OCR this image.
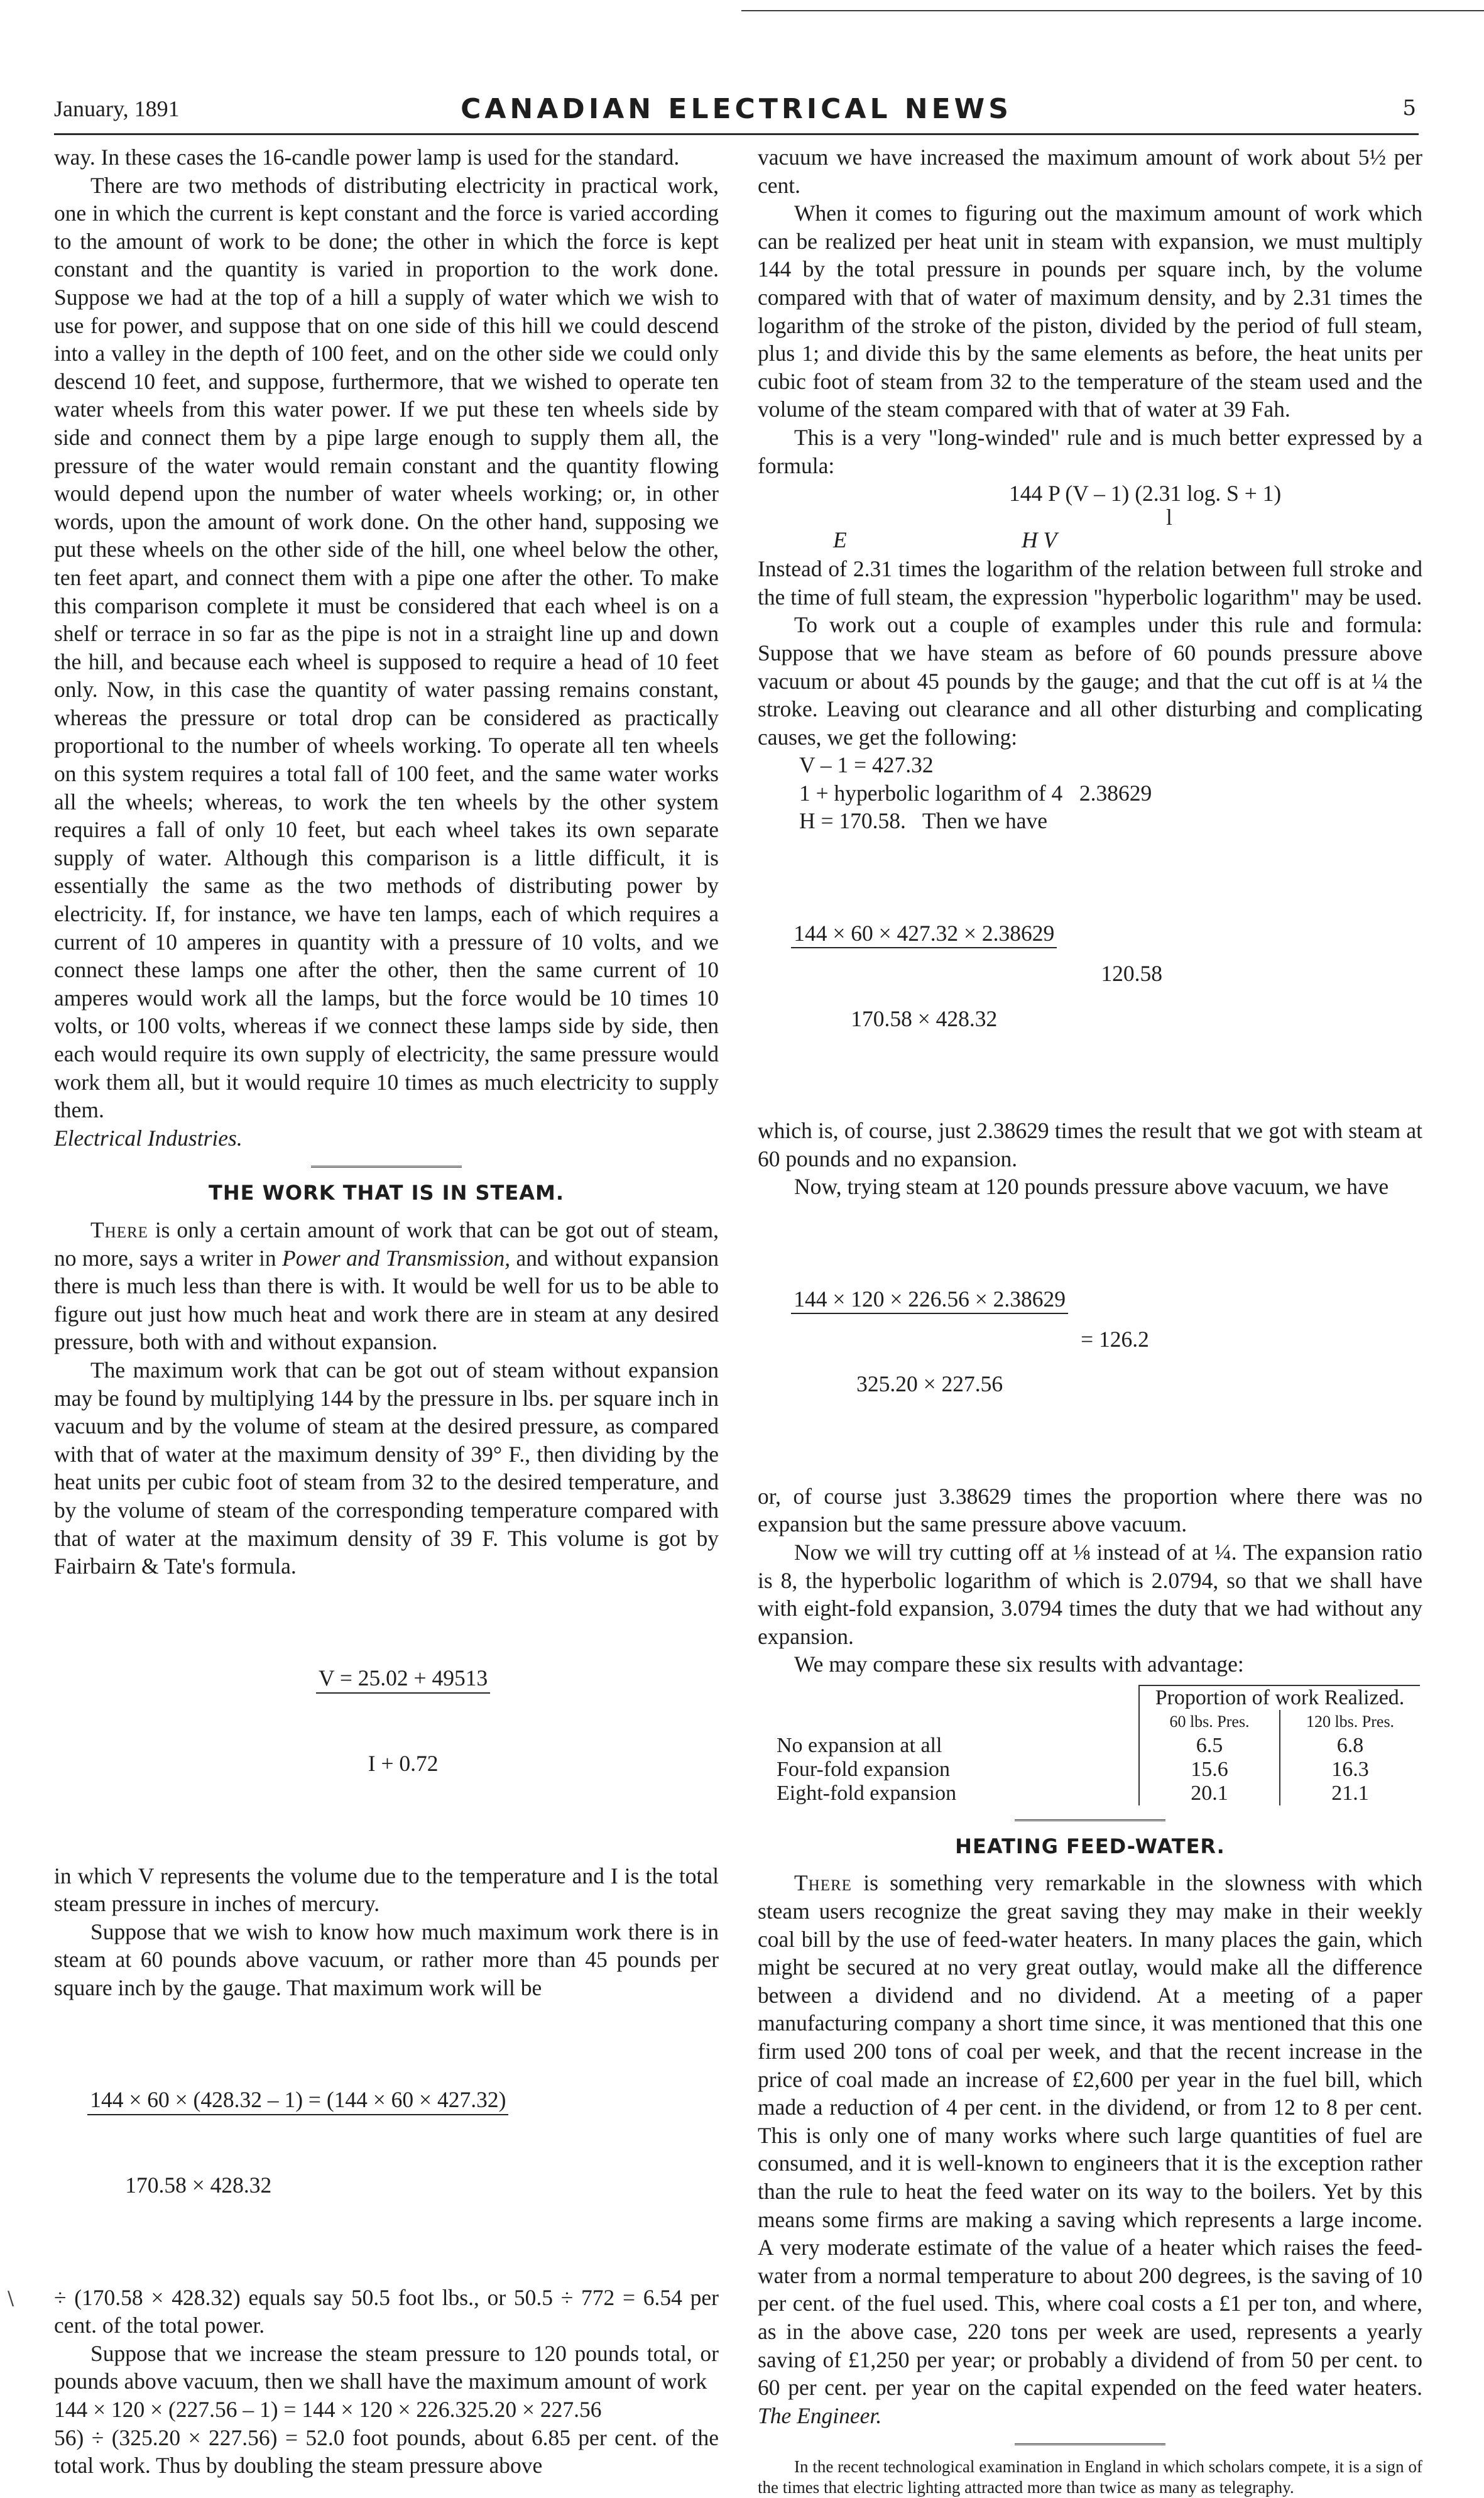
January, 1891	CANADIAN ELECTRICAL NEWS	5

way. In these cases the 16-candle power lamp is used for the standard.

There are two methods of distributing electricity in practical work, one in which the current is kept constant and the force is varied according to the amount of work to be done; the other in which the force is kept constant and the quantity is varied in proportion to the work done. Suppose we had at the top of a hill a supply of water which we wish to use for power, and suppose that on one side of this hill we could descend into a valley in the depth of 100 feet, and on the other side we could only descend 10 feet, and suppose, furthermore, that we wished to operate ten water wheels from this water power. If we put these ten wheels side by side and connect them by a pipe large enough to supply them all, the pressure of the water would remain constant and the quantity flowing would depend upon the number of water wheels working; or, in other words, upon the amount of work done. On the other hand, supposing we put these wheels on the other side of the hill, one wheel below the other, ten feet apart, and connect them with a pipe one after the other. To make this comparison complete it must be considered that each wheel is on a shelf or terrace in so far as the pipe is not in a straight line up and down the hill, and because each wheel is supposed to require a head of 10 feet only. Now, in this case the quantity of water passing remains constant, whereas the pressure or total drop can be considered as practically proportional to the number of wheels working. To operate all ten wheels on this system requires a total fall of 100 feet, and the same water works all the wheels; whereas, to work the ten wheels by the other system requires a fall of only 10 feet, but each wheel takes its own separate supply of water. Although this comparison is a little difficult, it is essentially the same as the two methods of distributing power by electricity. If, for instance, we have ten lamps, each of which requires a current of 10 amperes in quantity with a pressure of 10 volts, and we connect these lamps one after the other, then the same current of 10 amperes would work all the lamps, but the force would be 10 times 10 volts, or 100 volts, whereas if we connect these lamps side by side, then each would require its own supply of electricity, the same pressure would work them all, but it would require 10 times as much electricity to supply them.
Electrical Industries.

THE WORK THAT IS IN STEAM.

There is only a certain amount of work that can be got out of steam, no more, says a writer in Power and Transmission, and without expansion there is much less than there is with. It would be well for us to be able to figure out just how much heat and work there are in steam at any desired pressure, both with and without expansion.

The maximum work that can be got out of steam without expansion may be found by multiplying 144 by the pressure in lbs. per square inch in vacuum and by the volume of steam at the desired pressure, as compared with that of water at the maximum density of 39° F., then dividing by the heat units per cubic foot of steam from 32 to the desired temperature, and by the volume of steam of the corresponding temperature compared with that of water at the maximum density of 39 F. This volume is got by Fairbairn & Tate's formula.

$\frac{V = 25.02 + 49513}{I + 0.72}$

in which V represents the volume due to the temperature and I is the total steam pressure in inches of mercury.

Suppose that we wish to know how much maximum work there is in steam at 60 pounds above vacuum, or rather more than 45 pounds per square inch by the gauge. That maximum work will be

$\frac{144 \times 60 \times (428.32 - 1) = (144 \times 60 \times 427.32)}{170.58 \times 428.32}$

÷ (170.58 × 428.32) equals say 50.5 foot lbs., or 50.5 ÷ 772 = 6.54 per cent. of the total power.

Suppose that we increase the steam pressure to 120 pounds total, or pounds above vacuum, then we shall have the maximum amount of work

144 × 120 × (227.56 – 1) = 144 × 120 × 226.325.20 × 227.56

56) ÷ (325.20 × 227.56) = 52.0 foot pounds, about 6.85 per cent. of the total work. Thus by doubling the steam pressure above

vacuum we have increased the maximum amount of work about 5½ per cent.

When it comes to figuring out the maximum amount of work which can be realized per heat unit in steam with expansion, we must multiply 144 by the total pressure in pounds per square inch, by the volume compared with that of water of maximum density, and by 2.31 times the logarithm of the stroke of the piston, divided by the period of full steam, plus 1; and divide this by the same elements as before, the heat units per cubic foot of steam from 32 to the temperature of the steam used and the volume of the steam compared with that of water at 39 Fah.

This is a very "long-winded" rule and is much better expressed by a formula:

144 P (V – 1) (2.31 log. S + 1)
l
E	H V

Instead of 2.31 times the logarithm of the relation between full stroke and the time of full steam, the expression "hyperbolic logarithm" may be used.

To work out a couple of examples under this rule and formula: Suppose that we have steam as before of 60 pounds pressure above vacuum or about 45 pounds by the gauge; and that the cut off is at ¼ the stroke. Leaving out clearance and all other disturbing and complicating causes, we get the following:

V – 1 = 427.32
1 + hyperbolic logarithm of 4   2.38629
H = 170.58.   Then we have

$\frac{144 \times 60 \times 427.32 \times 2.38629}{170.58 \times 428.32} 120.58$

which is, of course, just 2.38629 times the result that we got with steam at 60 pounds and no expansion.

Now, trying steam at 120 pounds pressure above vacuum, we have

$\frac{144 \times 120 \times 226.56 \times 2.38629}{325.20 \times 227.56} = 126.2$

or, of course just 3.38629 times the proportion where there was no expansion but the same pressure above vacuum.

Now we will try cutting off at ⅛ instead of at ¼. The expansion ratio is 8, the hyperbolic logarithm of which is 2.0794, so that we shall have with eight-fold expansion, 3.0794 times the duty that we had without any expansion.

We may compare these six results with advantage:

	Proportion of work Realized.	
	60 lbs. Pres.	120 lbs. Pres.
No expansion at all	6.5	6.8
Four-fold expansion	15.6	16.3
Eight-fold expansion	20.1	21.1
HEATING FEED-WATER.

There is something very remarkable in the slowness with which steam users recognize the great saving they may make in their weekly coal bill by the use of feed-water heaters. In many places the gain, which might be secured at no very great outlay, would make all the difference between a dividend and no dividend. At a meeting of a paper manufacturing company a short time since, it was mentioned that this one firm used 200 tons of coal per week, and that the recent increase in the price of coal made an increase of £2,600 per year in the fuel bill, which made a reduction of 4 per cent. in the dividend, or from 12 to 8 per cent. This is only one of many works where such large quantities of fuel are consumed, and it is well-known to engineers that it is the exception rather than the rule to heat the feed water on its way to the boilers. Yet by this means some firms are making a saving which represents a large income. A very moderate estimate of the value of a heater which raises the feed-water from a normal temperature to about 200 degrees, is the saving of 10 per cent. of the fuel used. This, where coal costs a £1 per ton, and where, as in the above case, 220 tons per week are used, represents a yearly saving of £1,250 per year; or probably a dividend of from 50 per cent. to 60 per cent. per year on the capital expended on the feed water heaters. The Engineer.

In the recent technological examination in England in which scholars compete, it is a sign of the times that electric lighting attracted more than twice as many as telegraphy.

\
